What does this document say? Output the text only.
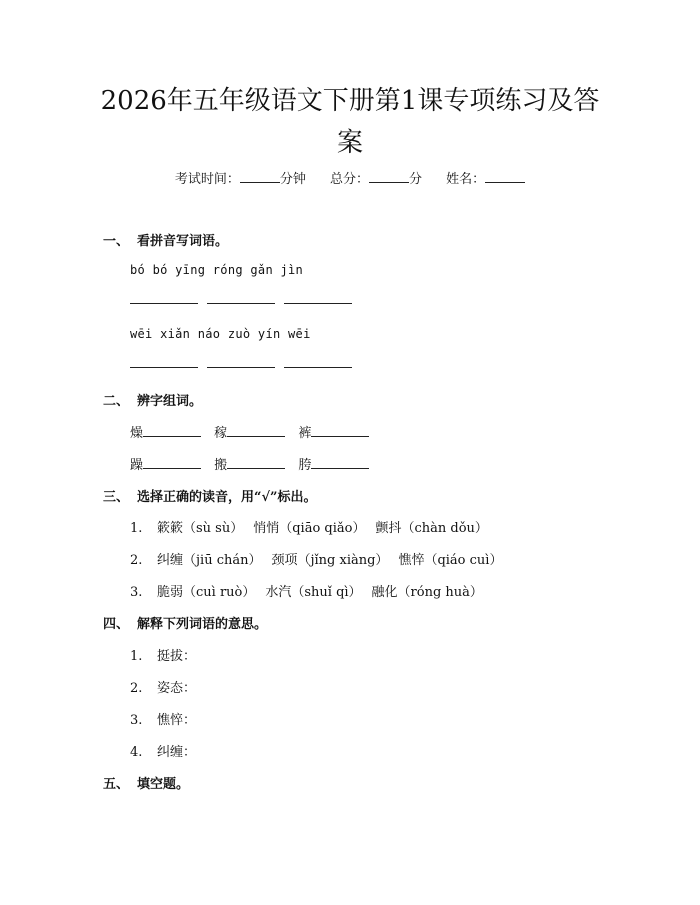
2026年五年级语文下册第1课专项练习及答案
考试时间：	分钟 总分：	分 姓名：
一、 看拼音写词语。
bó bó yīng róng gǎn jìn
wēi xiǎn náo zuò yín wēi
二、 辨字组词。
燥	稼	裤
躁	搬	胯
三、 选择正确的读音，用“√”标出。
1. 簌簌（sù sù） 悄悄（qiāo qiǎo） 颤抖（chàn dǒu）
2. 纠缠（jiū chán） 颈项（jǐng xiàng） 憔悴（qiáo cuì）
3. 脆弱（cuì ruò） 水汽（shuǐ qì） 融化（róng huà）
四、 解释下列词语的意思。
1. 挺拔：
2. 姿态：
3. 憔悴：
4. 纠缠：
五、 填空题。
